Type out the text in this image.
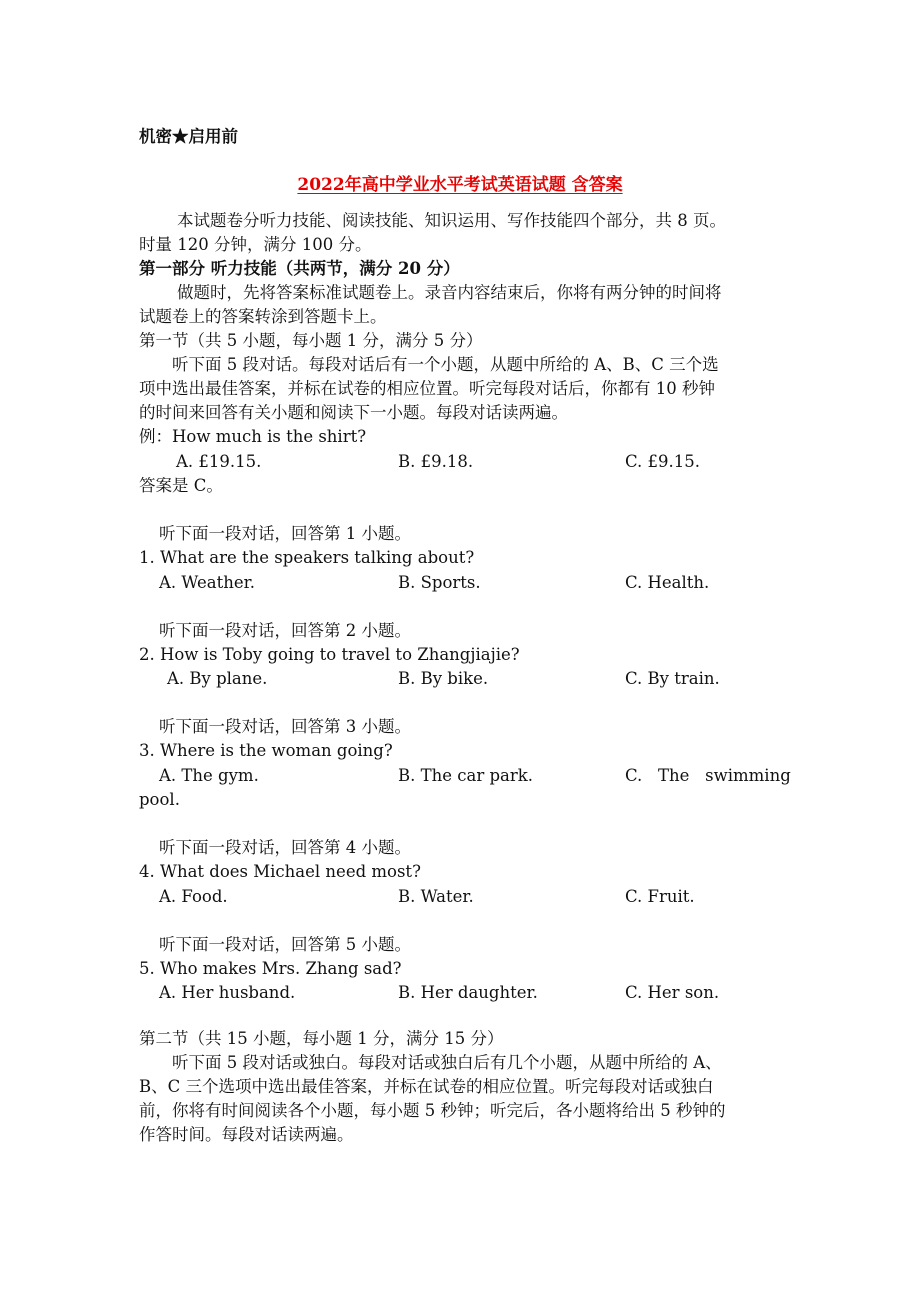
机密★启用前
2022年高中学业水平考试英语试题 含答案
本试题卷分听力技能、阅读技能、知识运用、写作技能四个部分，共 8 页。
时量 120 分钟，满分 100 分。
第一部分 听力技能（共两节，满分 20 分）
做题时，先将答案标准试题卷上。录音内容结束后，你将有两分钟的时间将
试题卷上的答案转涂到答题卡上。
第一节（共 5 小题，每小题 1 分，满分 5 分）
听下面 5 段对话。每段对话后有一个小题，从题中所给的 A、B、C 三个选
项中选出最佳答案，并标在试卷的相应位置。听完每段对话后，你都有 10 秒钟
的时间来回答有关小题和阅读下一小题。每段对话读两遍。
例：How much is the shirt?
A. £19.15.	B. £9.18.	C. £9.15.
答案是 C。
听下面一段对话，回答第 1 小题。
1. What are the speakers talking about?
A. Weather.	B. Sports.	C. Health.
听下面一段对话，回答第 2 小题。
2. How is Toby going to travel to Zhangjiajie?
A. By plane.	B. By bike.	C. By train.
听下面一段对话，回答第 3 小题。
3. Where is the woman going?
A. The gym.	B. The car park.	C.   The   swimming
pool.
听下面一段对话，回答第 4 小题。
4. What does Michael need most?
A. Food.	B. Water.	C. Fruit.
听下面一段对话，回答第 5 小题。
5. Who makes Mrs. Zhang sad?
A. Her husband.	B. Her daughter.	C. Her son.
第二节（共 15 小题，每小题 1 分，满分 15 分）
听下面 5 段对话或独白。每段对话或独白后有几个小题，从题中所给的 A、
B、C 三个选项中选出最佳答案，并标在试卷的相应位置。听完每段对话或独白
前，你将有时间阅读各个小题，每小题 5 秒钟；听完后，各小题将给出 5 秒钟的
作答时间。每段对话读两遍。
